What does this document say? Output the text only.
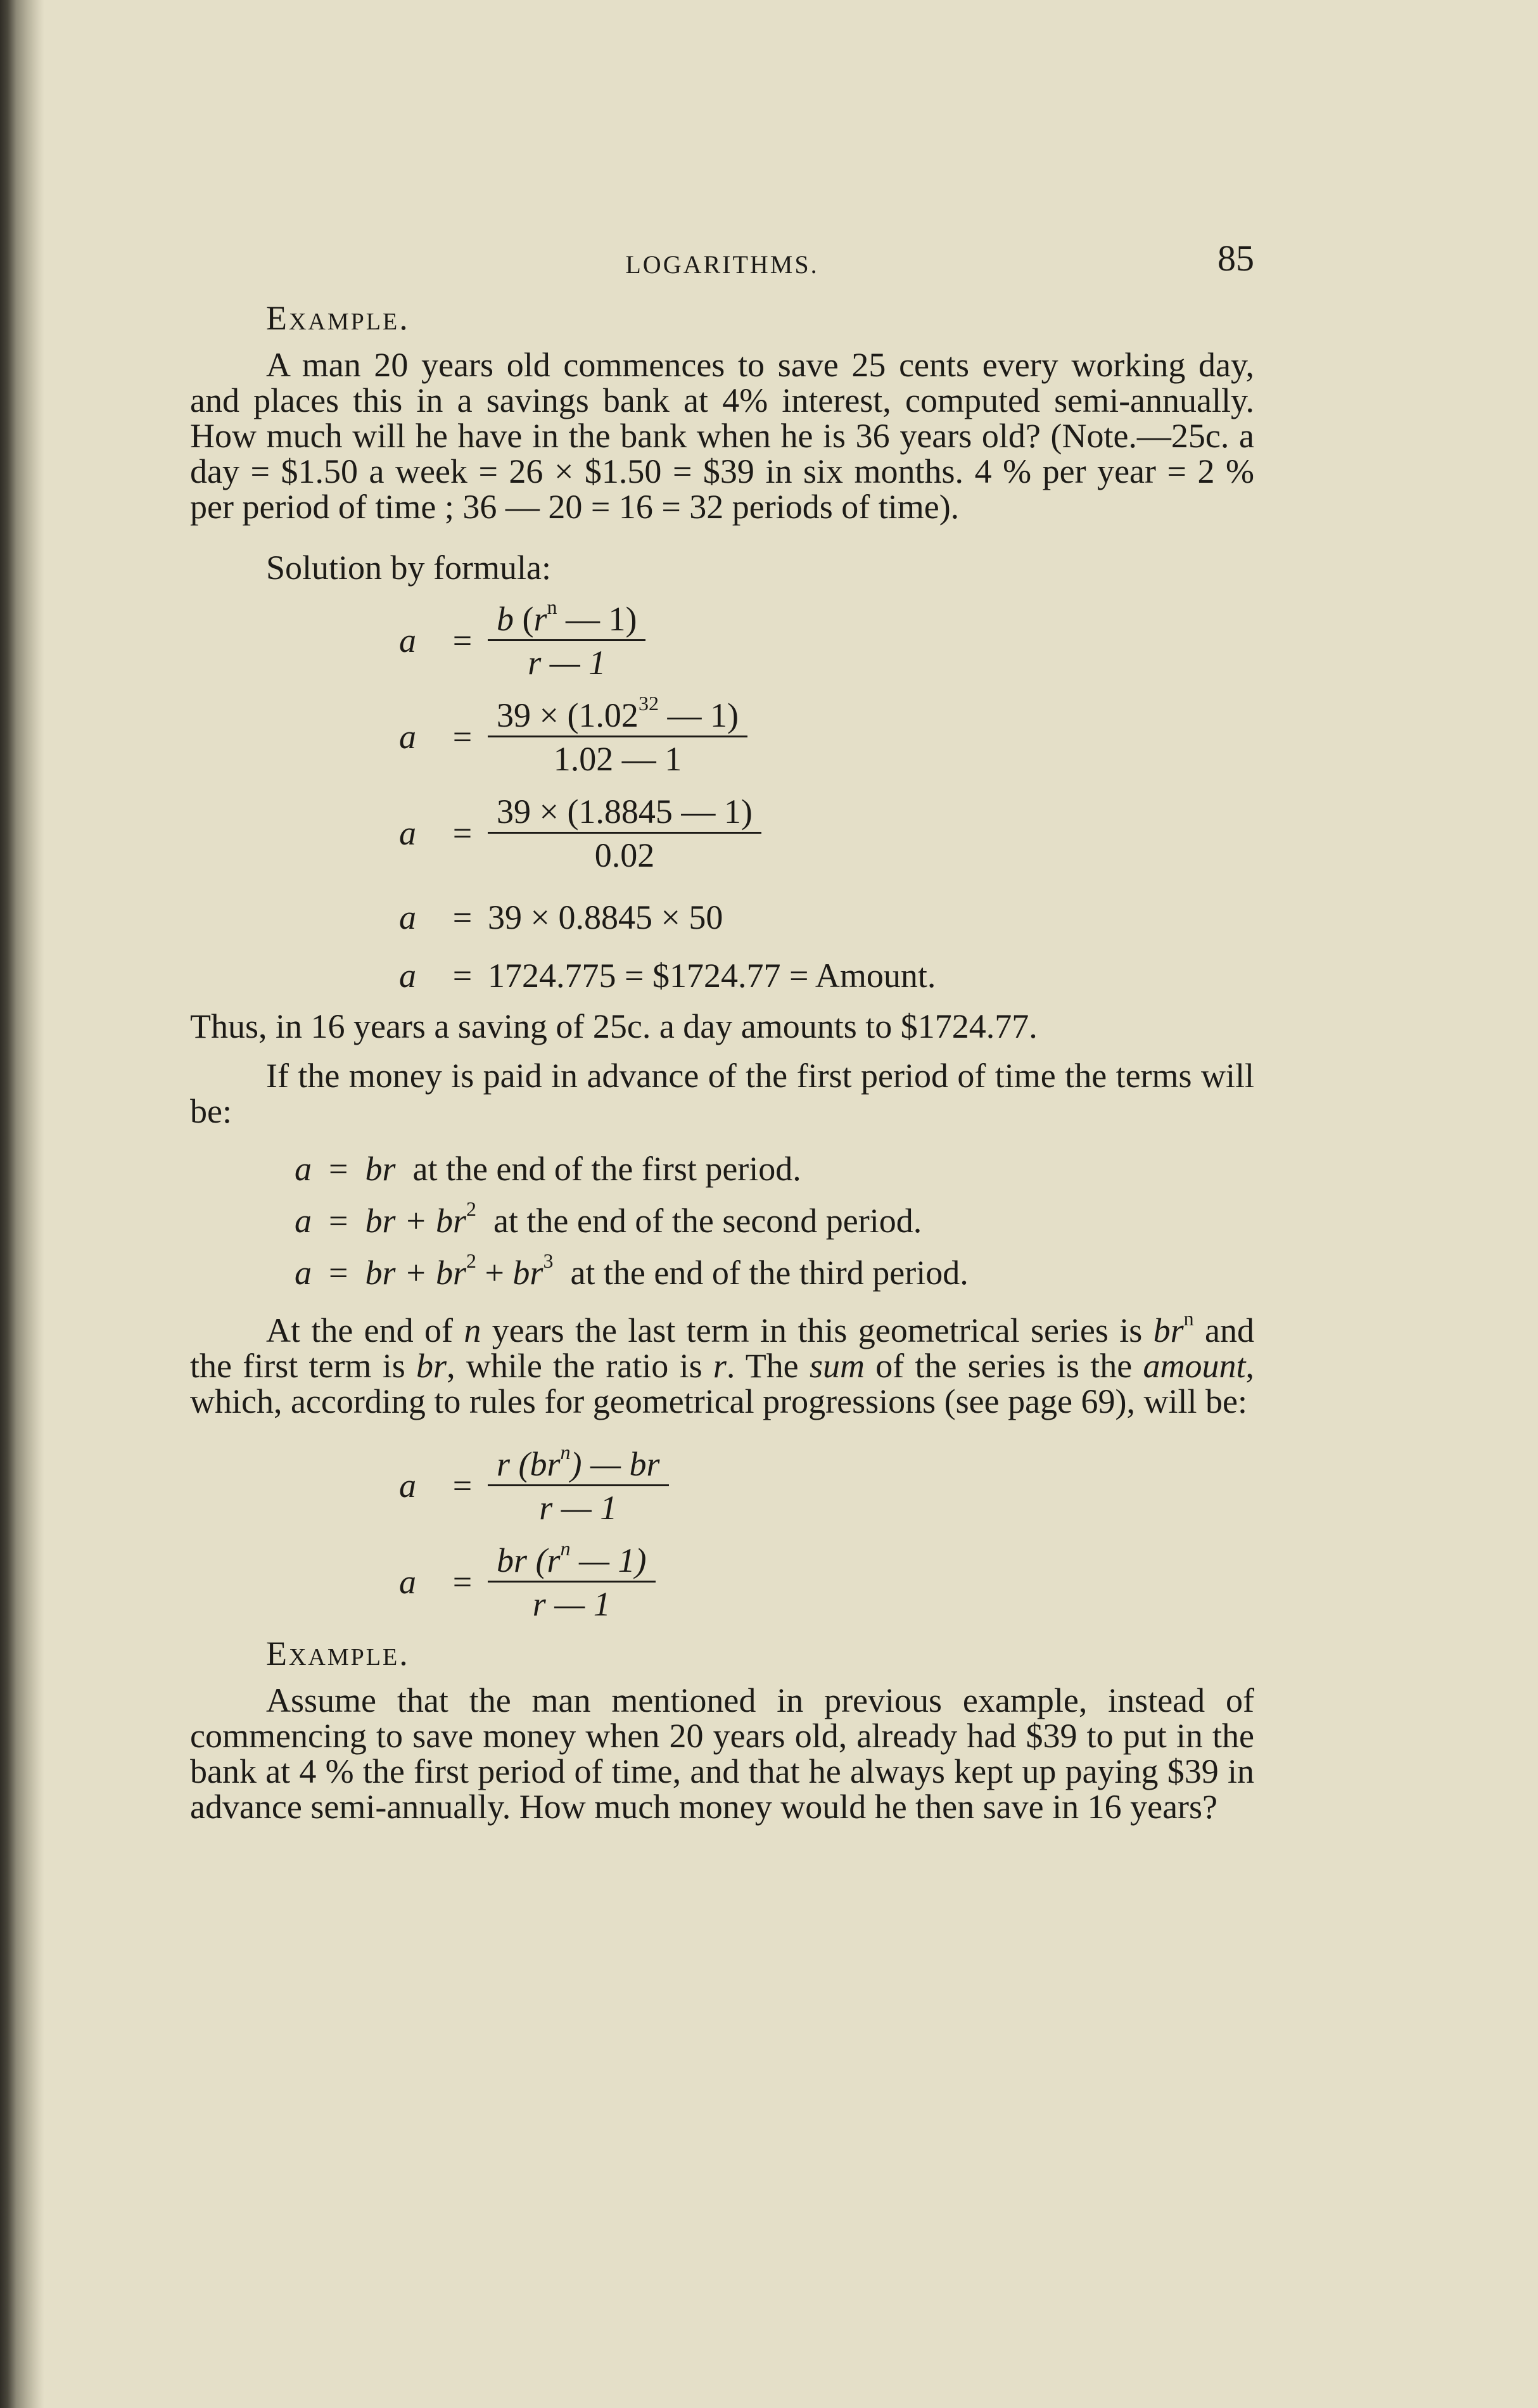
LOGARITHMS.	85
Example.

A man 20 years old commences to save 25 cents every working day, and places this in a savings bank at 4% interest, computed semi-annually. How much will he have in the bank when he is 36 years old? (Note.—25c. a day = $1.50 a week = 26 × $1.50 = $39 in six months. 4 % per year = 2 % per period of time ; 36 — 20 = 16 = 32 periods of time).

Solution by formula:
a	= $\frac{b (r^n — 1)}{r — 1}$
a	= $\frac{39 \times (1.02^{32} — 1)}{1.02 — 1}$
a	= $\frac{39 \times (1.8845 — 1)}{0.02}$
a	= 39 × 0.8845 × 50
a	= 1724.775 = $1724.77 = Amount.

Thus, in 16 years a saving of 25c. a day amounts to $1724.77.

If the money is paid in advance of the first period of time the terms will be:

a = br at the end of the first period.
a = br + $br^2$ at the end of the second period.
a = br + $br^2 + br^3$ at the end of the third period.

At the end of n years the last term in this geometrical series is $br^n$ and the first term is br, while the ratio is r. The sum of the series is the amount, which, according to rules for geometrical progressions (see page 69), will be:

a	= $\frac{r (br^n) — br}{r — 1}$
a	= $\frac{br (r^n — 1)}{r — 1}$
Example.

Assume that the man mentioned in previous example, instead of commencing to save money when 20 years old, already had $39 to put in the bank at 4 % the first period of time, and that he always kept up paying $39 in advance semi-annually. How much money would he then save in 16 years?
